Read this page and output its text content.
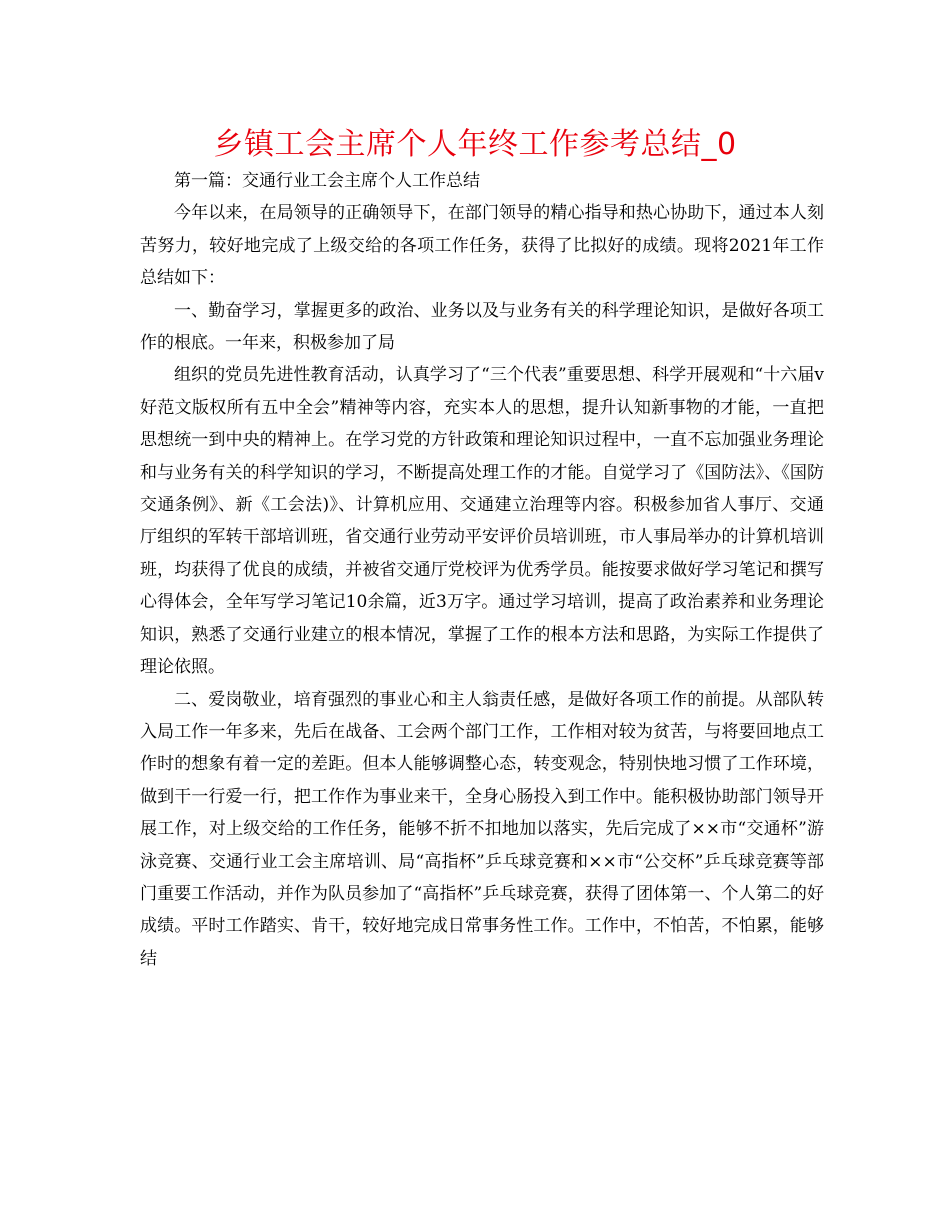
乡镇工会主席个人年终工作参考总结_0

第一篇：交通行业工会主席个人工作总结

今年以来，在局领导的正确领导下，在部门领导的精心指导和热心协助下，通过本人刻苦努力，较好地完成了上级交给的各项工作任务，获得了比拟好的成绩。现将2021年工作总结如下：

一、勤奋学习，掌握更多的政治、业务以及与业务有关的科学理论知识，是做好各项工作的根底。一年来，积极参加了局

组织的党员先进性教育活动，认真学习了“三个代表”重要思想、科学开展观和“十六届v好范文版权所有五中全会”精神等内容，充实本人的思想，提升认知新事物的才能，一直把思想统一到中央的精神上。在学习党的方针政策和理论知识过程中，一直不忘加强业务理论和与业务有关的科学知识的学习，不断提高处理工作的才能。自觉学习了《国防法》、《国防交通条例》、新《工会法)》、计算机应用、交通建立治理等内容。积极参加省人事厅、交通厅组织的军转干部培训班，省交通行业劳动平安评价员培训班，市人事局举办的计算机培训班，均获得了优良的成绩，并被省交通厅党校评为优秀学员。能按要求做好学习笔记和撰写心得体会，全年写学习笔记10余篇，近3万字。通过学习培训，提高了政治素养和业务理论知识，熟悉了交通行业建立的根本情况，掌握了工作的根本方法和思路，为实际工作提供了理论依照。

二、爱岗敬业，培育强烈的事业心和主人翁责任感，是做好各项工作的前提。从部队转入局工作一年多来，先后在战备、工会两个部门工作，工作相对较为贫苦，与将要回地点工作时的想象有着一定的差距。但本人能够调整心态，转变观念，特别快地习惯了工作环境，做到干一行爱一行，把工作作为事业来干，全身心肠投入到工作中。能积极协助部门领导开展工作，对上级交给的工作任务，能够不折不扣地加以落实，先后完成了××市“交通杯”游泳竞赛、交通行业工会主席培训、局“高指杯”乒乓球竞赛和××市“公交杯”乒乓球竞赛等部门重要工作活动，并作为队员参加了“高指杯”乒乓球竞赛，获得了团体第一、个人第二的好成绩。平时工作踏实、肯干，较好地完成日常事务性工作。工作中，不怕苦，不怕累，能够结
